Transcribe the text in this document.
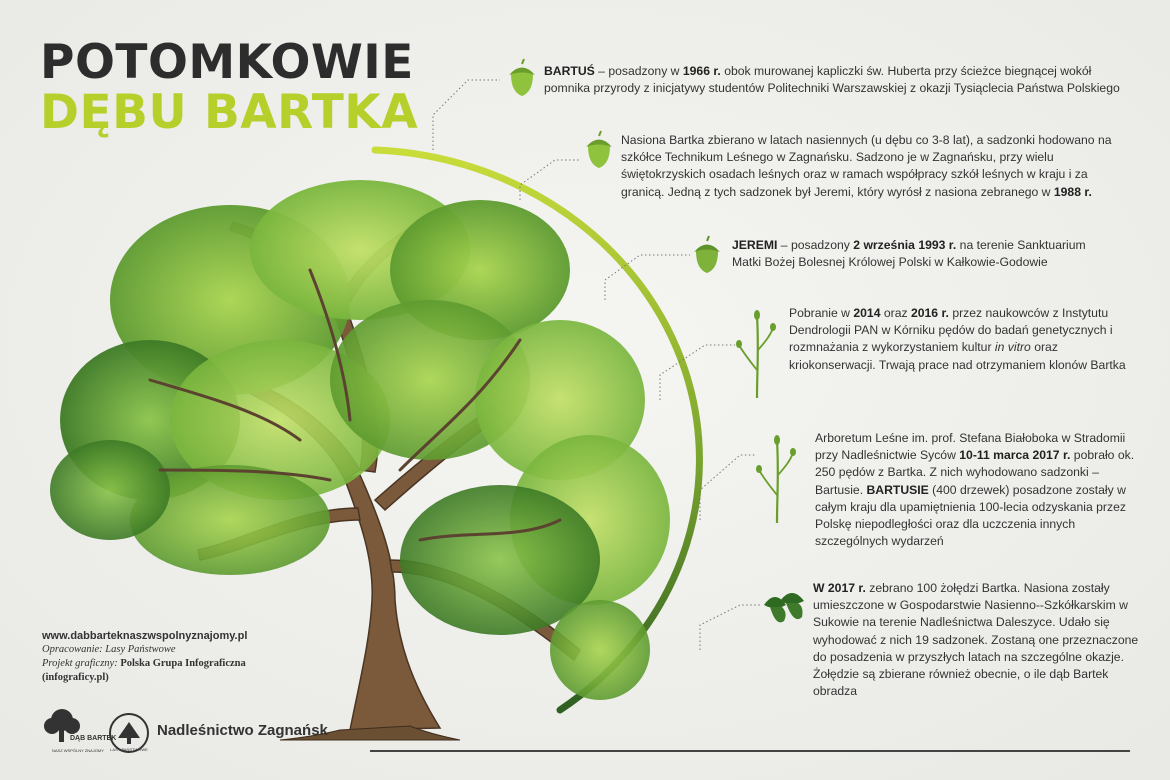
POTOMKOWIE
DĘBU BARTKA
BARTUŚ – posadzony w 1966 r. obok murowanej kapliczki św. Huberta przy ścieżce biegnącej wokół pomnika przyrody z inicjatywy studentów Politechniki Warszawskiej z okazji Tysiąclecia Państwa Polskiego
Nasiona Bartka zbierano w latach nasiennych (u dębu co 3-8 lat), a sadzonki hodowano na szkółce Technikum Leśnego w Zagnańsku. Sadzono je w Zagnańsku, przy wielu świętokrzyskich osadach leśnych oraz w ramach współpracy szkół leśnych w kraju i za granicą. Jedną z tych sadzonek był Jeremi, który wyrósł z nasiona zebranego w 1988 r.
JEREMI – posadzony 2 września 1993 r. na terenie Sanktuarium Matki Bożej Bolesnej Królowej Polski w Kałkowie-Godowie
Pobranie w 2014 oraz 2016 r. przez naukowców z Instytutu Dendrologii PAN w Kórniku pędów do badań genetycznych i rozmnażania z wykorzystaniem kultur in vitro oraz kriokonserwacji. Trwają prace nad otrzymaniem klonów Bartka
Arboretum Leśne im. prof. Stefana Białoboka w Stradomii przy Nadleśnictwie Syców 10-11 marca 2017 r. pobrało ok. 250 pędów z Bartka. Z nich wyhodowano sadzonki – Bartusie. BARTUSIE (400 drzewek) posadzone zostały w całym kraju dla upamiętnienia 100-lecia odzyskania przez Polskę niepodległości oraz dla uczczenia innych szczególnych wydarzeń
W 2017 r. zebrano 100 żołędzi Bartka. Nasiona zostały umieszczone w Gospodarstwie Nasienno--Szkółkarskim w Sukowie na terenie Nadleśnictwa Daleszyce. Udało się wyhodować z nich 19 sadzonek. Zostaną one przeznaczone do posadzenia w przyszłych latach na szczególne okazje. Żołędzie są zbierane również obecnie, o ile dąb Bartek obradza
www.dabbarteknaszwspolnyznajomy.pl
Opracowanie: Lasy Państwowe
Projekt graficzny: Polska Grupa Infograficzna
(infograficy.pl)
DĄB BARTEK
NASZ WSPÓLNY ZNAJOMY LASY PAŃSTWOWE
Nadleśnictwo Zagnańsk
